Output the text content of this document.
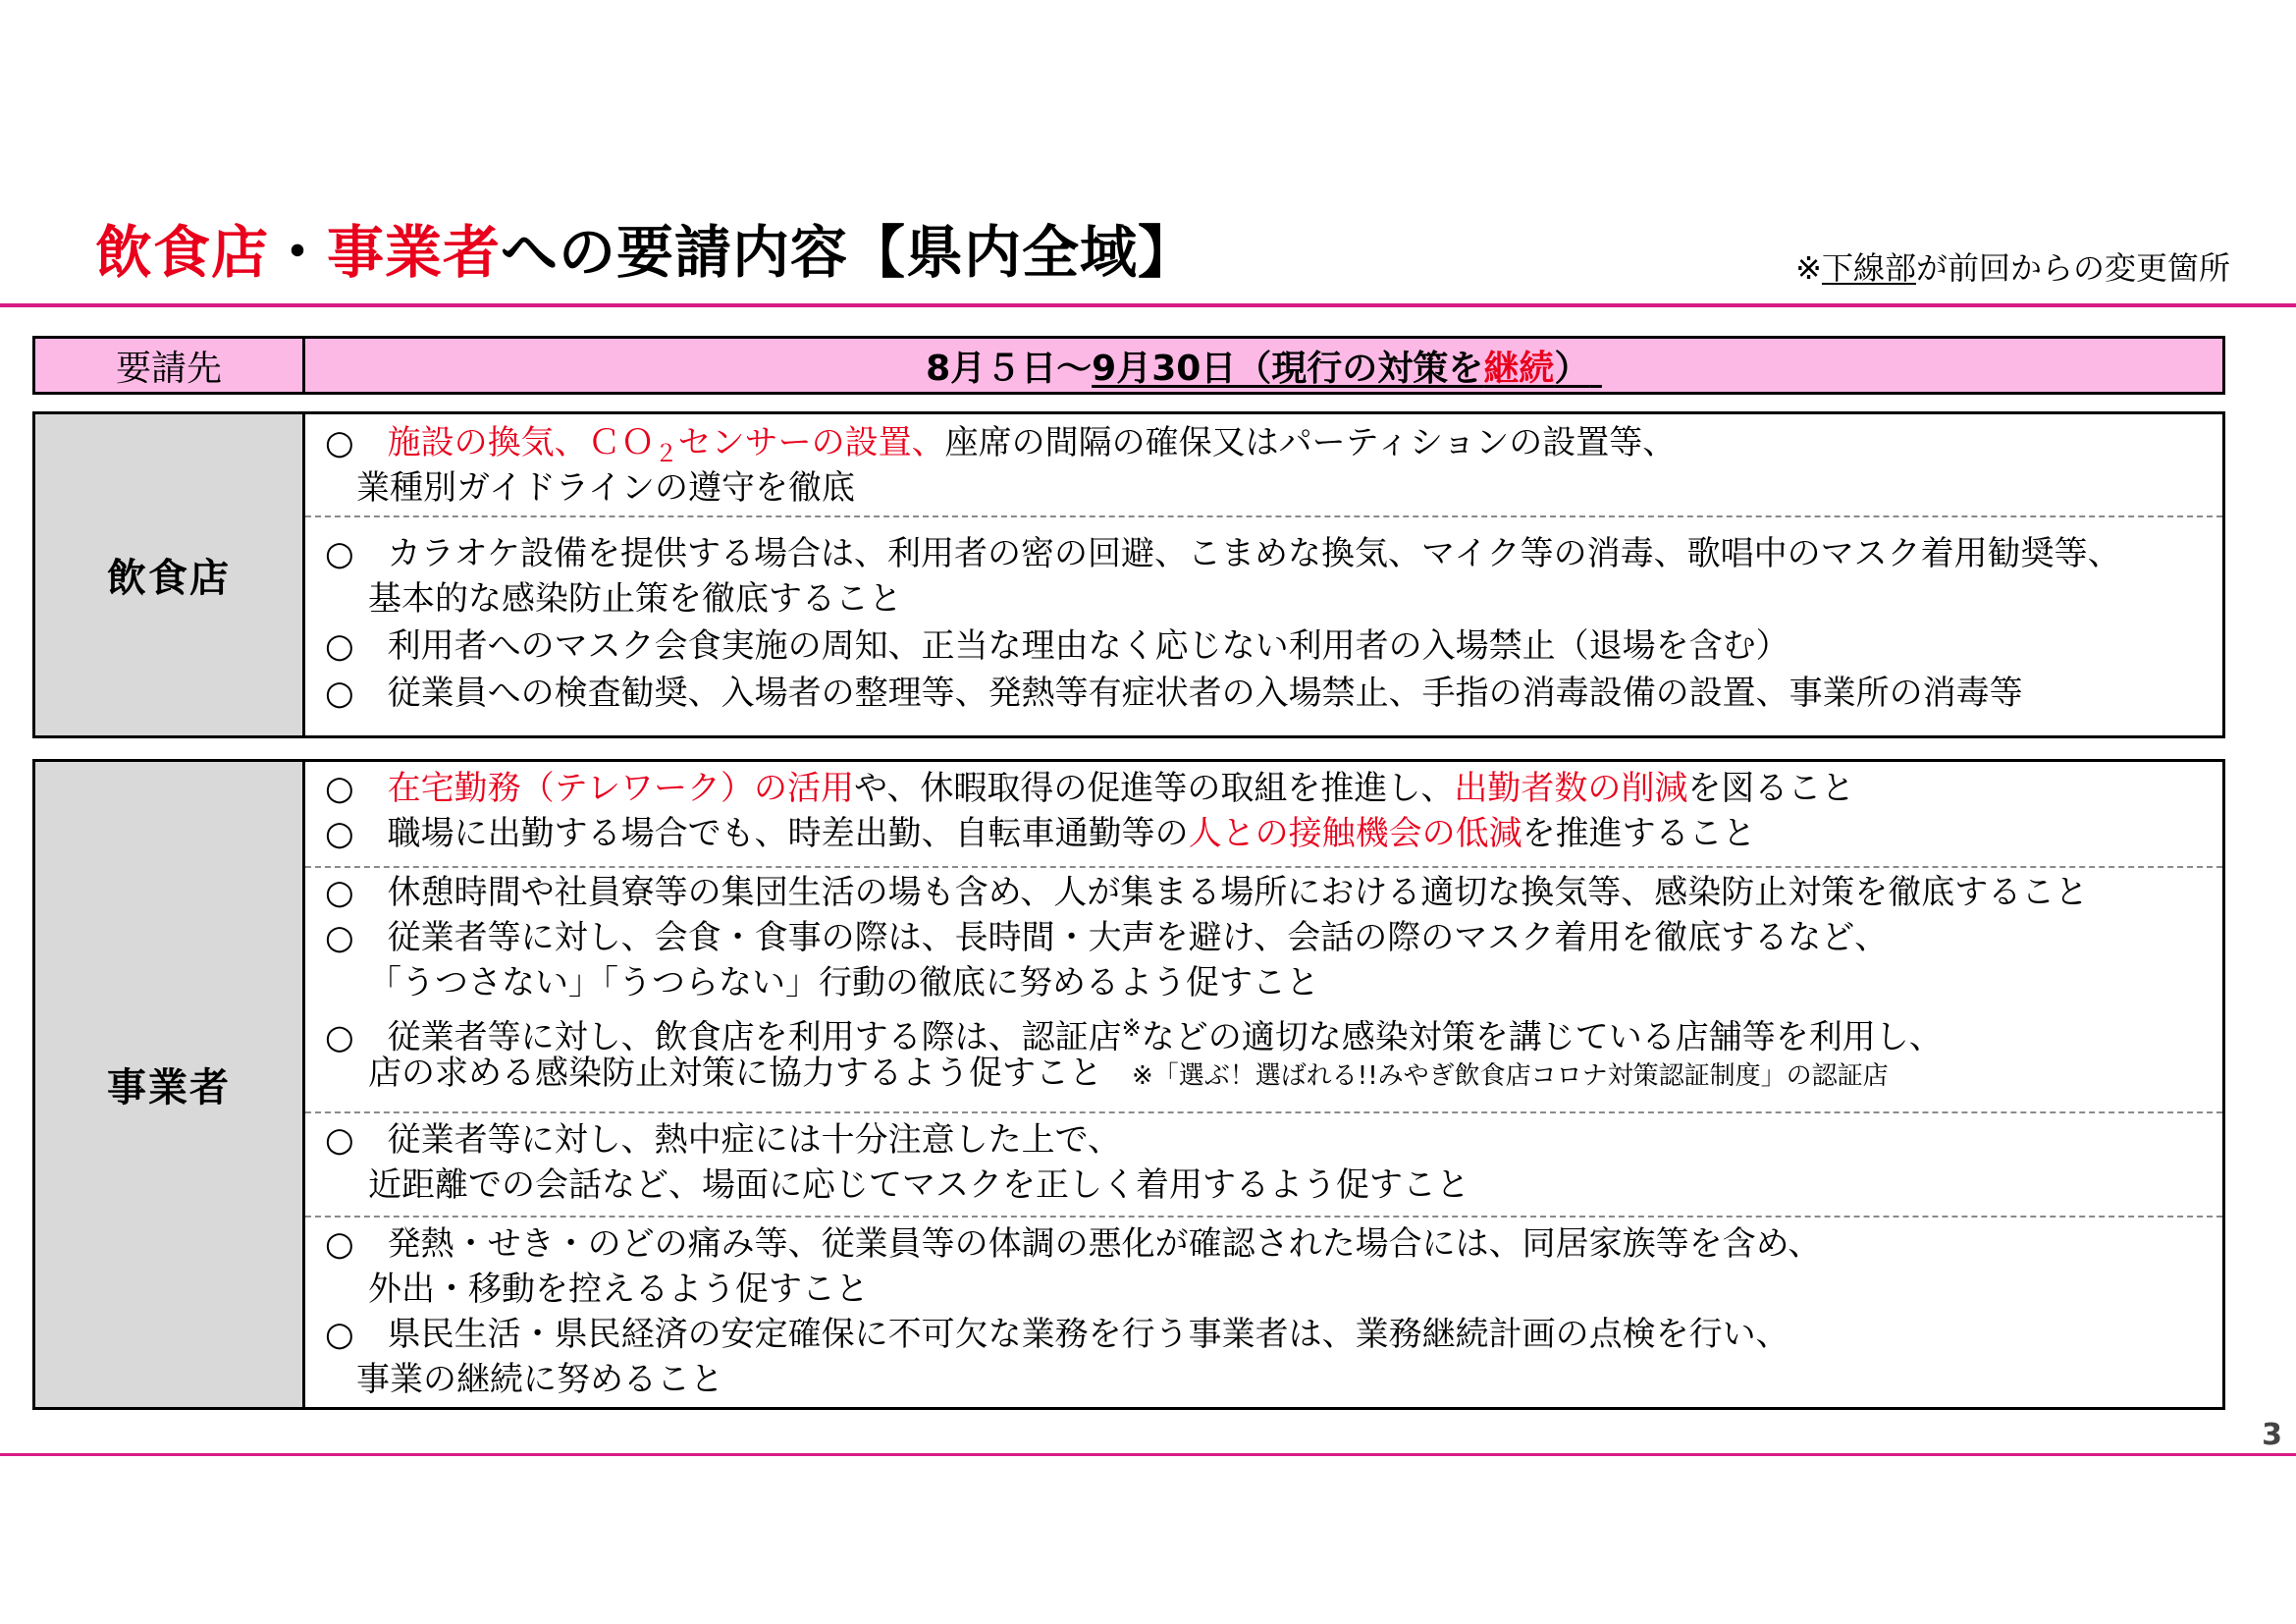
飲食店・事業者への要請内容【県内全域】	※下線部が前回からの変更箇所
要請先	8月５日～ 9月30日（現行の対策を継続）
飲食店
○　施設の換気、ＣＯ$_2$センサーの設置、座席の間隔の確保又はパーティションの設置等、
業種別ガイドラインの遵守を徹底
○　カラオケ設備を提供する場合は、利用者の密の回避、こまめな換気、マイク等の消毒、歌唱中のマスク着用勧奨等、
基本的な感染防止策を徹底すること
○　利用者へのマスク会食実施の周知、正当な理由なく応じない利用者の入場禁止（退場を含む）
○　従業員への検査勧奨、入場者の整理等、発熱等有症状者の入場禁止、手指の消毒設備の設置、事業所の消毒等
事業者
○　在宅勤務（テレワーク）の活用や、休暇取得の促進等の取組を推進し、出勤者数の削減を図ること
○　職場に出勤する場合でも、時差出勤、自転車通勤等の人との接触機会の低減を推進すること
○　休憩時間や社員寮等の集団生活の場も含め、人が集まる場所における適切な換気等、感染防止対策を徹底すること
○　従業者等に対し、会食・食事の際は、長時間・大声を避け、会話の際のマスク着用を徹底するなど、
「うつさない」「うつらない」行動の徹底に努めるよう促すこと
○　従業者等に対し、飲食店を利用する際は、認証店※などの適切な感染対策を講じている店舗等を利用し、
店の求める感染防止対策に協力するよう促すこと ※「選ぶ！選ばれる!!みやぎ飲食店コロナ対策認証制度」の認証店
○　従業者等に対し、熱中症には十分注意した上で、
近距離での会話など、場面に応じてマスクを正しく着用するよう促すこと
○　発熱・せき・のどの痛み等、従業員等の体調の悪化が確認された場合には、同居家族等を含め、
外出・移動を控えるよう促すこと
○　県民生活・県民経済の安定確保に不可欠な業務を行う事業者は、業務継続計画の点検を行い、
事業の継続に努めること
3
